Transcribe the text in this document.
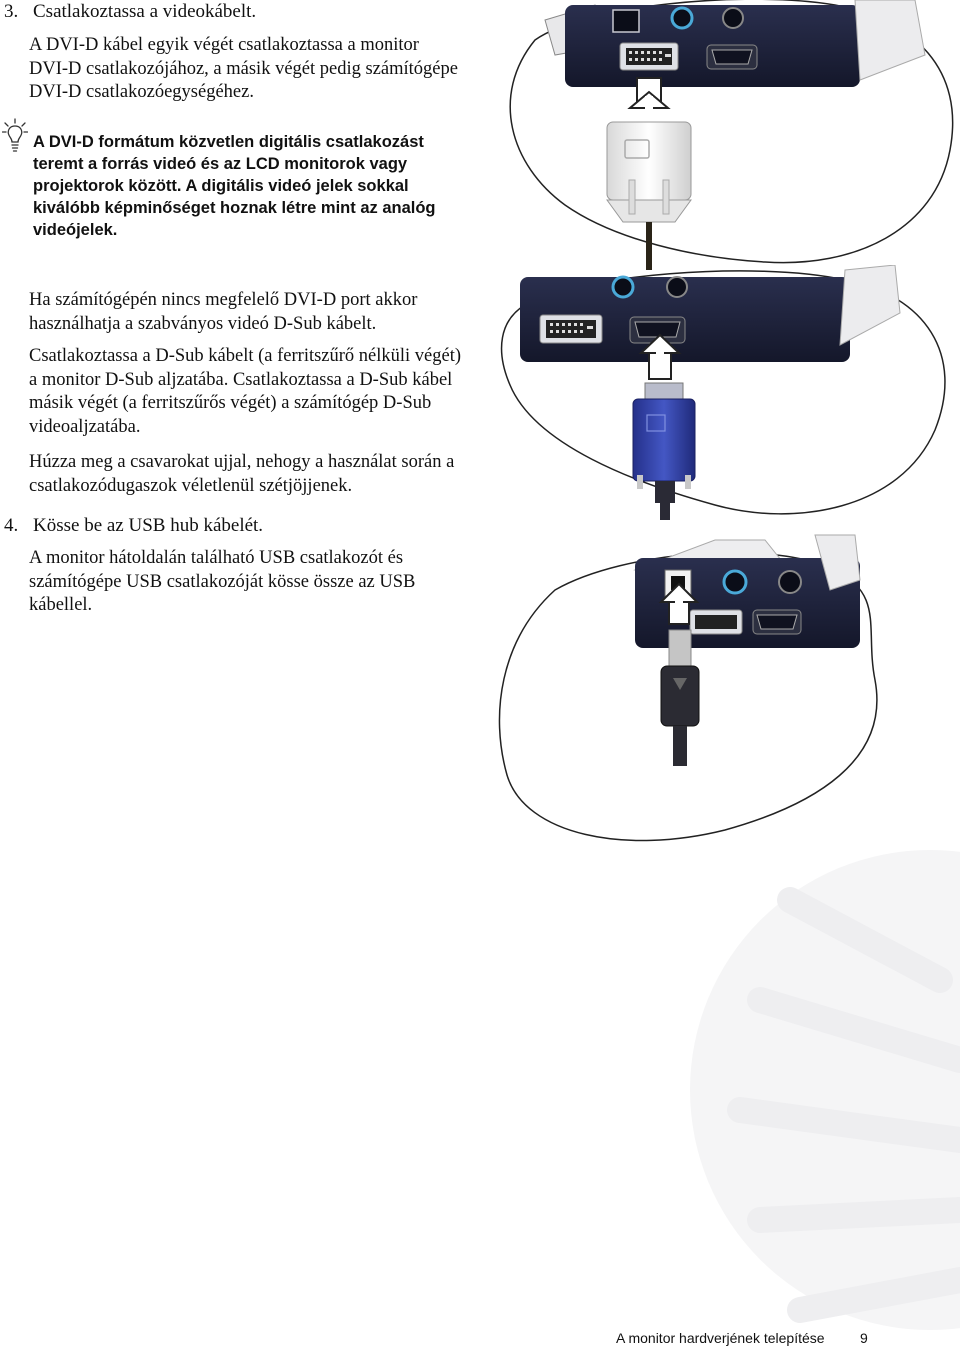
3. Csatlakoztassa a videokábelt.
A DVI-D kábel egyik végét csatlakoztassa a monitor
DVI-D csatlakozójához, a másik végét pedig számítógépe
DVI-D csatlakozóegységéhez.
A DVI-D formátum közvetlen digitális csatlakozást
teremt a forrás videó és az LCD monitorok vagy
projektorok között. A digitális videó jelek sokkal
kiválóbb képminőséget hoznak létre mint az analóg
videójelek.
Ha számítógépén nincs megfelelő DVI-D port akkor
használhatja a szabványos videó D-Sub kábelt.
Csatlakoztassa a D-Sub kábelt (a ferritszűrő nélküli végét)
a monitor D-Sub aljzatába. Csatlakoztassa a D-Sub kábel
másik végét (a ferritszűrős végét) a számítógép D-Sub
videoaljzatába.
Húzza meg a csavarokat ujjal, nehogy a használat során a
csatlakozódugaszok véletlenül szétjöjjenek.
4. Kösse be az USB hub kábelét.
A monitor hátoldalán található USB csatlakozót és
számítógépe USB csatlakozóját kösse össze az USB
kábellel.
A monitor hardverjének telepítése	9
